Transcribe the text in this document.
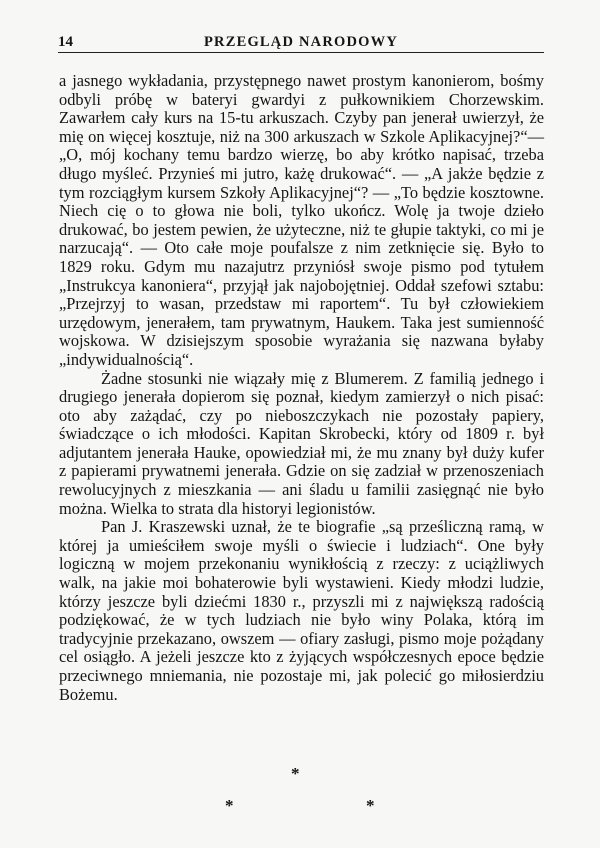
14	PRZEGLĄD NARODOWY

a jasnego wykładania, przystępnego nawet prostym kanonierom, bośmy odbyli próbę w bateryi gwardyi z pułkownikiem Chorzewskim. Zawarłem cały kurs na 15-tu arkuszach. Czyby pan jenerał uwierzył, że mię on więcej kosztuje, niż na 300 arkuszach w Szkole Aplikacyjnej?“—„O, mój kochany temu bardzo wierzę, bo aby krótko napisać, trzeba długo myśleć. Przynieś mi jutro, każę drukować“. — „A jakże będzie z tym rozciągłym kursem Szkoły Aplikacyjnej“? — „To będzie kosztowne. Niech cię o to głowa nie boli, tylko ukończ. Wolę ja twoje dzieło drukować, bo jestem pewien, że użyteczne, niż te głupie taktyki, co mi je narzucają“. — Oto całe moje poufalsze z nim zetknięcie się. Było to 1829 roku. Gdym mu nazajutrz przyniósł swoje pismo pod tytułem „Instrukcya kanoniera“, przyjął jak najobojętniej. Oddał szefowi sztabu: „Przejrzyj to wasan, przedstaw mi raportem“. Tu był człowiekiem urzędowym, jenerałem, tam prywatnym, Haukem. Taka jest sumienność wojskowa. W dzisiejszym sposobie wyrażania się nazwana byłaby „indywidualnością“.

Żadne stosunki nie wiązały mię z Blumerem. Z familią jednego i drugiego jenerała dopierom się poznał, kiedym zamierzył o nich pisać: oto aby zażądać, czy po nieboszczykach nie pozostały papiery, świadczące o ich młodości. Kapitan Skrobecki, który od 1809 r. był adjutantem jenerała Hauke, opowiedział mi, że mu znany był duży kufer z papierami prywatnemi jenerała. Gdzie on się zadział w przenoszeniach rewolucyjnych z mieszkania — ani śladu u familii zasięgnąć nie było można. Wielka to strata dla historyi legionistów.

Pan J. Kraszewski uznał, że te biografie „są prześliczną ramą, w której ja umieściłem swoje myśli o świecie i ludziach“. One były logiczną w mojem przekonaniu wynikłością z rzeczy: z uciążliwych walk, na jakie moi bohaterowie byli wystawieni. Kiedy młodzi ludzie, którzy jeszcze byli dziećmi 1830 r., przyszli mi z największą radością podziękować, że w tych ludziach nie było winy Polaka, którą im tradycyjnie przekazano, owszem — ofiary zasługi, pismo moje pożądany cel osiągło. A jeżeli jeszcze kto z żyjących współczesnych epoce będzie przeciwnego mniemania, nie pozostaje mi, jak polecić go miłosierdziu Bożemu.

*
*	*
